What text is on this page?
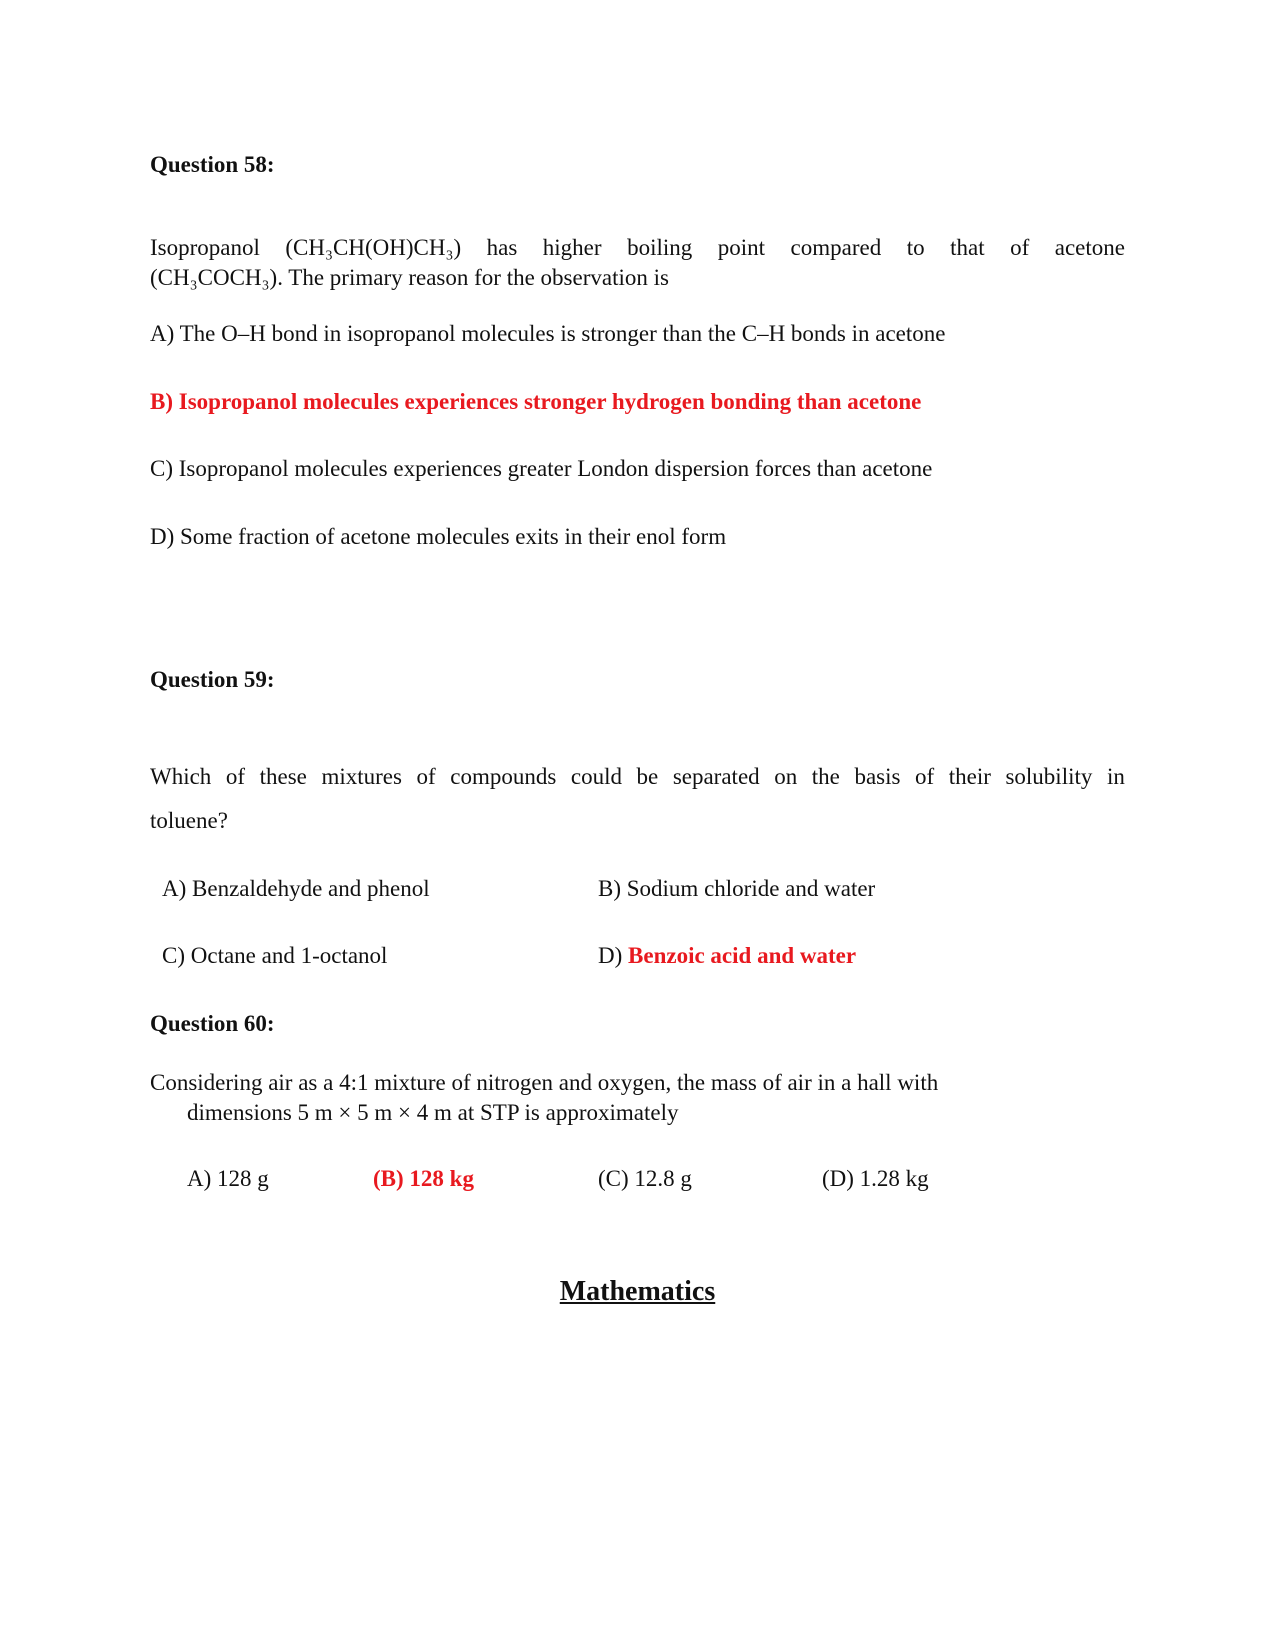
Question 58:
Isopropanol (CH₃CH(OH)CH₃) has higher boiling point compared to that of acetone
(CH₃COCH₃). The primary reason for the observation is
A) The O–H bond in isopropanol molecules is stronger than the C–H bonds in acetone
B) Isopropanol molecules experiences stronger hydrogen bonding than acetone
C) Isopropanol molecules experiences greater London dispersion forces than acetone
D) Some fraction of acetone molecules exits in their enol form
Question 59:
Which of these mixtures of compounds could be separated on the basis of their solubility in
toluene?
A) Benzaldehyde and phenol	B) Sodium chloride and water
C) Octane and 1-octanol	D) Benzoic acid and water
Question 60:
Considering air as a 4:1 mixture of nitrogen and oxygen, the mass of air in a hall with
dimensions 5 m × 5 m × 4 m at STP is approximately
A) 128 g	(B) 128 kg	(C) 12.8 g	(D) 1.28 kg
Mathematics
